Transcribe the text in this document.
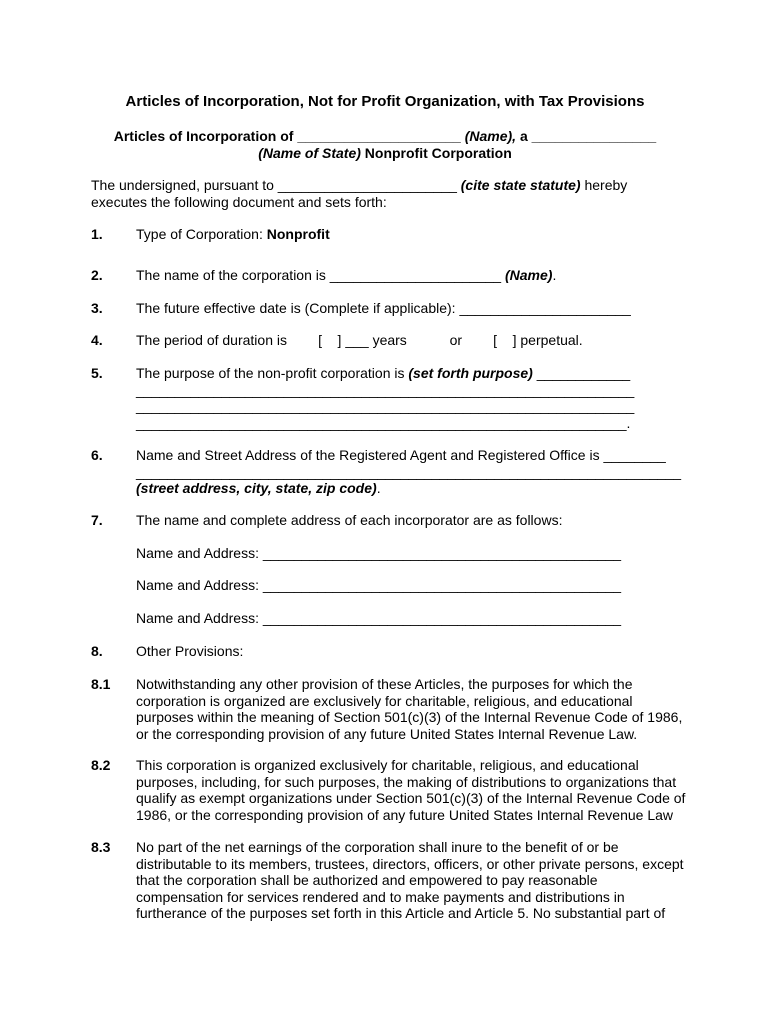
Articles of Incorporation, Not for Profit Organization, with Tax Provisions
Articles of Incorporation of _____________________ (Name), a ________________
(Name of State) Nonprofit Corporation
The undersigned, pursuant to _______________________ (cite state statute) hereby
executes the following document and sets forth:
1. Type of Corporation: Nonprofit
2. The name of the corporation is ______________________ (Name).
3. The future effective date is (Complete if applicable): ______________________
4. The period of duration is        [    ] ___ years           or        [    ] perpetual.
5. The purpose of the non-profit corporation is (set forth purpose) ____________
________________________________________________________________
________________________________________________________________
_______________________________________________________________.
6. Name and Street Address of the Registered Agent and Registered Office is ________
______________________________________________________________________
(street address, city, state, zip code).
7. The name and complete address of each incorporator are as follows:
Name and Address: ______________________________________________
Name and Address: ______________________________________________
Name and Address: ______________________________________________
8. Other Provisions:
8.1 Notwithstanding any other provision of these Articles, the purposes for which the
corporation is organized are exclusively for charitable, religious, and educational
purposes within the meaning of Section 501(c)(3) of the Internal Revenue Code of 1986,
or the corresponding provision of any future United States Internal Revenue Law.
8.2 This corporation is organized exclusively for charitable, religious, and educational
purposes, including, for such purposes, the making of distributions to organizations that
qualify as exempt organizations under Section 501(c)(3) of the Internal Revenue Code of
1986, or the corresponding provision of any future United States Internal Revenue Law
8.3 No part of the net earnings of the corporation shall inure to the benefit of or be
distributable to its members, trustees, directors, officers, or other private persons, except
that the corporation shall be authorized and empowered to pay reasonable
compensation for services rendered and to make payments and distributions in
furtherance of the purposes set forth in this Article and Article 5. No substantial part of
